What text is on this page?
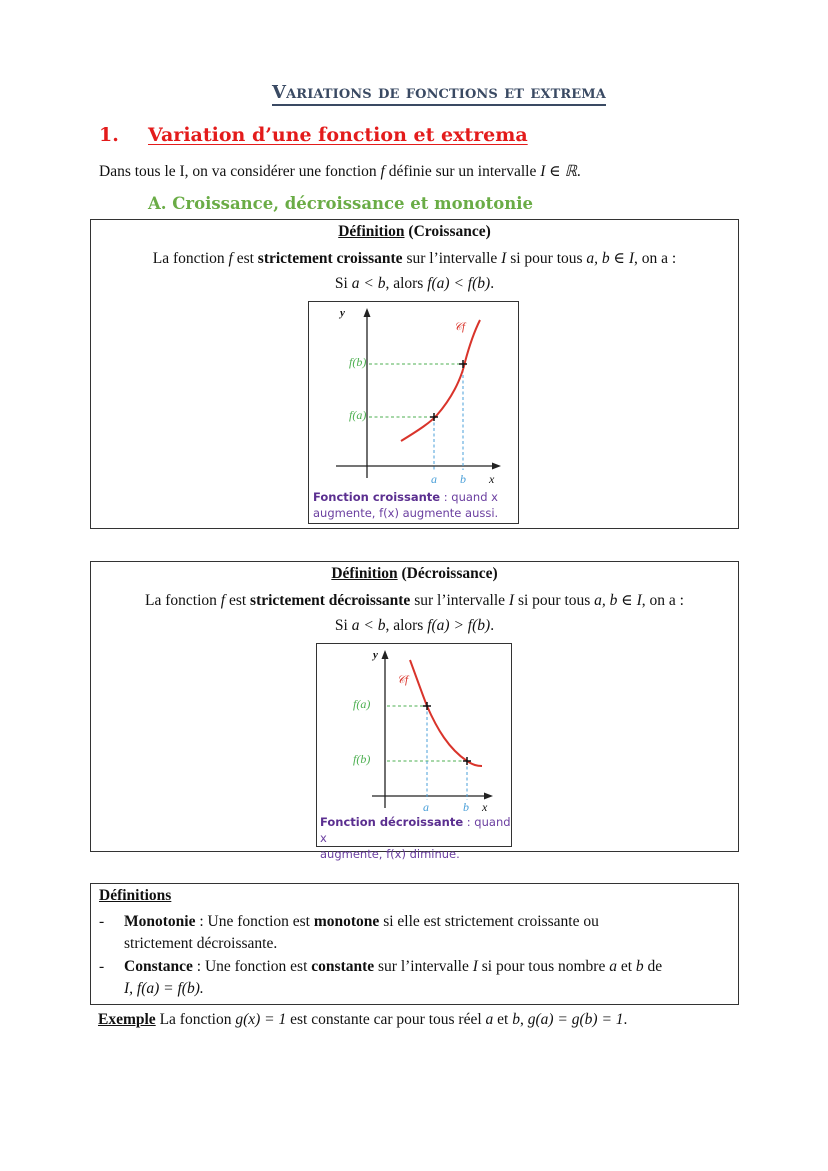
Variations de fonctions et extrema
1. Variation d’une fonction et extrema
Dans tous le I, on va considérer une fonction f définie sur un intervalle I ∈ ℝ.
A. Croissance, décroissance et monotonie
Définition (Croissance)
La fonction f est strictement croissante sur l’intervalle I si pour tous a, b ∈ I, on a :
Si a < b, alors f(a) < f(b).
y
x
𝒞f
f(b)
f(a)
a b
Fonction croissante : quand x
augmente, f(x) augmente aussi.
Définition (Décroissance)
La fonction f est strictement décroissante sur l’intervalle I si pour tous a, b ∈ I, on a :
Si a < b, alors f(a) > f(b).
y
x
𝒞f
f(a)
f(b)
a	b
Fonction décroissante : quand x
augmente, f(x) diminue.
Définitions
- Monotonie : Une fonction est monotone si elle est strictement croissante ou
strictement décroissante.
- Constance : Une fonction est constante sur l’intervalle I si pour tous nombre a et b de
I, f(a) = f(b).
Exemple La fonction g(x) = 1 est constante car pour tous réel a et b, g(a) = g(b) = 1.
